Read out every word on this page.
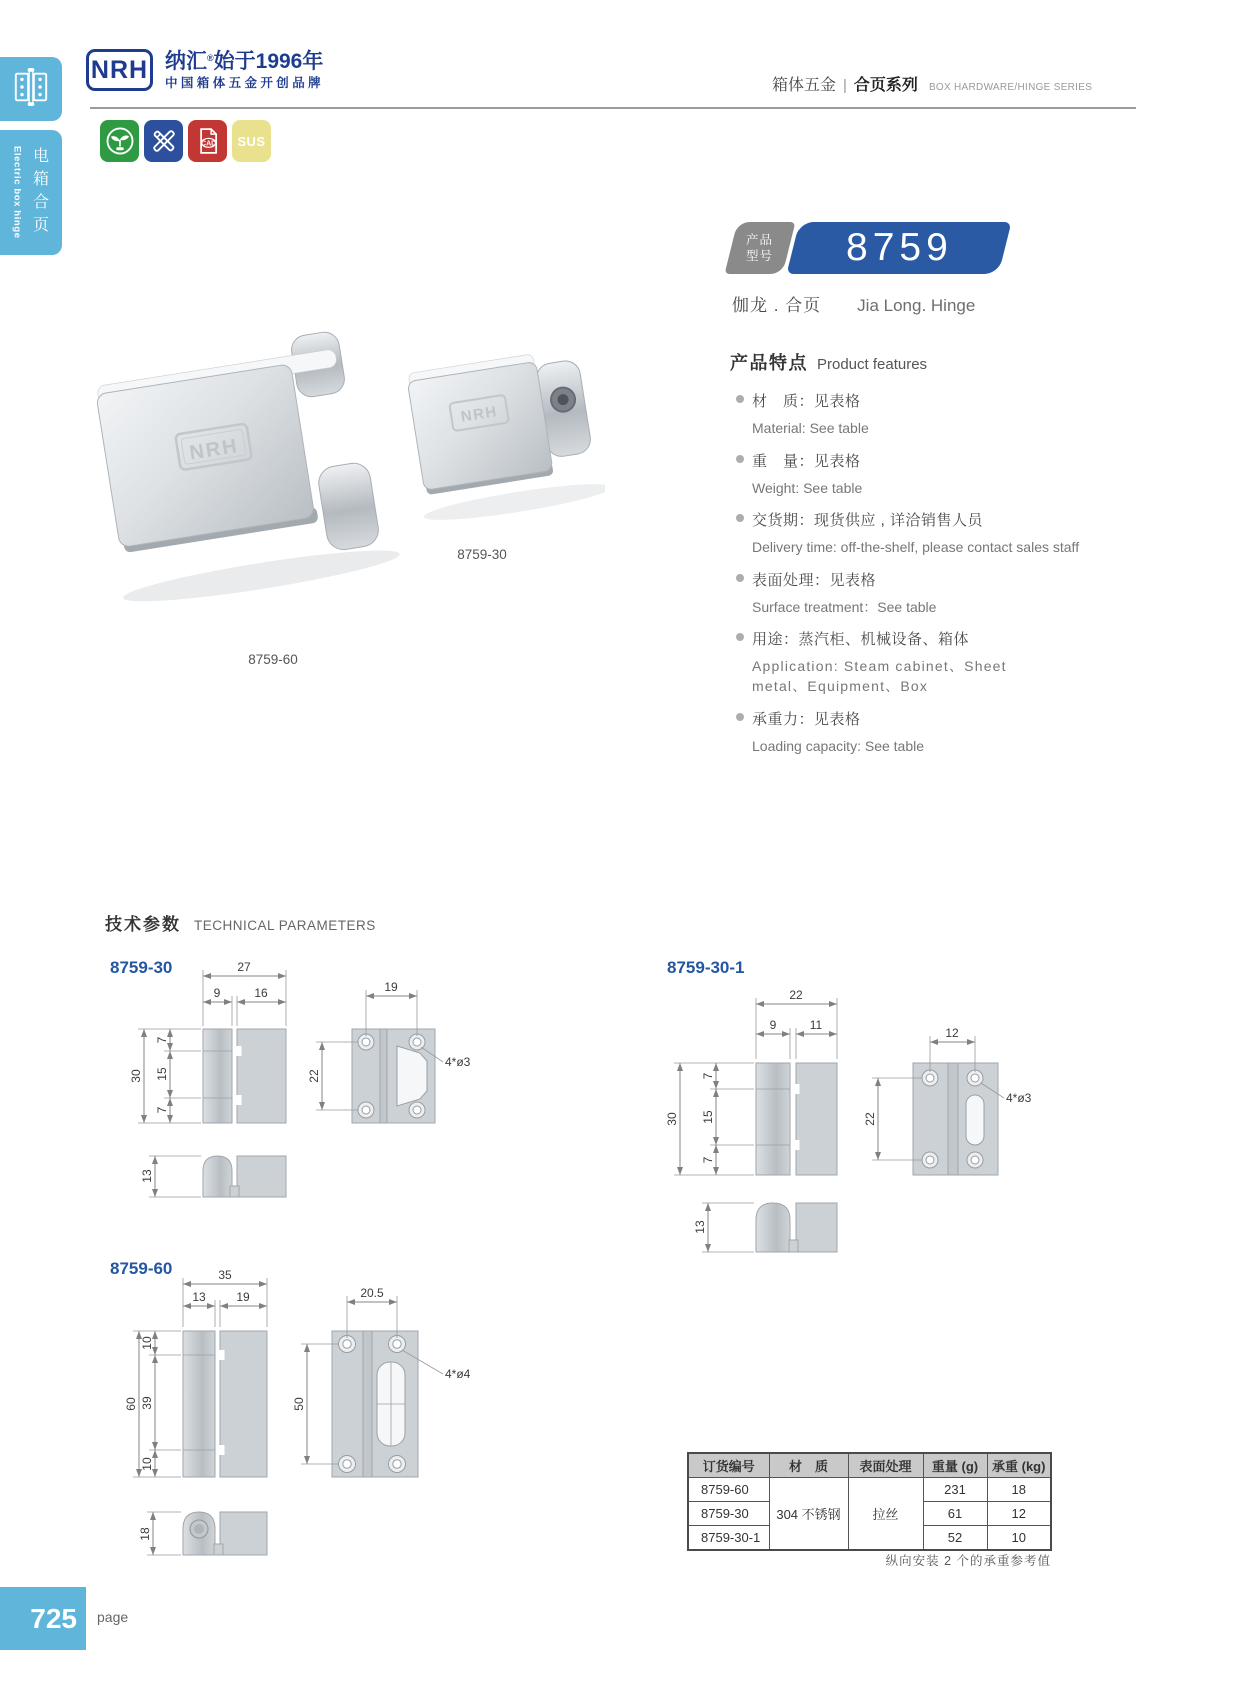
Electric box hinge 电箱合页
NRH 纳汇®始于1996年
中国箱体五金开创品牌	箱体五金 | 合页系列 BOX HARDWARE/HINGE SERIES
CAD SUS
产品
型号 8759
伽龙 . 合页 Jia Long. Hinge
产品特点 Product features
材　质：见表格
Material: See table
重　量：见表格
Weight: See table
交货期：现货供应 , 详洽销售人员
Delivery time: off-the-shelf, please contact sales staff
表面处理：见表格
Surface treatment：See table
用途：蒸汽柜、机械设备、箱体
Application: Steam cabinet、Sheet metal、Equipment、Box
承重力：见表格
Loading capacity: See table
NRH
NRH
8759-60
8759-30
技术参数 TECHNICAL PARAMETERS
8759-30	27
9	16
30
7
15
7
13
19
22
4*ø3
8759-30-1
22
9	11
30
7
15
7
13
12
22
4*ø3
8759-60	35
13	19
60
10
39
10
20.5
50
4*ø4
18
订货编号	材　质	表面处理	重量 (g)	承重 (kg)
8759-60	304 不锈钢	拉丝	231	18
8759-30			61	12
8759-30-1			52	10
纵向安装 2 个的承重参考值
725 page
